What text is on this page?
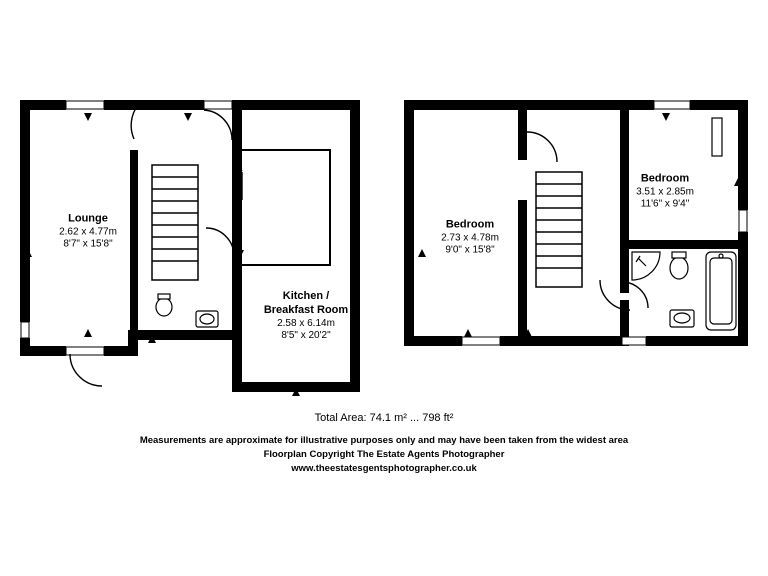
Lounge
2.62 x 4.77m
8'7" x 15'8"
Kitchen /
Breakfast Room
2.58 x 6.14m
8'5" x 20'2"
Bedroom
2.73 x 4.78m
9'0" x 15'8"
Bedroom
3.51 x 2.85m
11'6" x 9'4"
Total Area: 74.1 m² ... 798 ft²
Measurements are approximate for illustrative purposes only and may have been taken from the widest area
Floorplan Copyright The Estate Agents Photographer
www.theestatesgentsphotographer.co.uk
